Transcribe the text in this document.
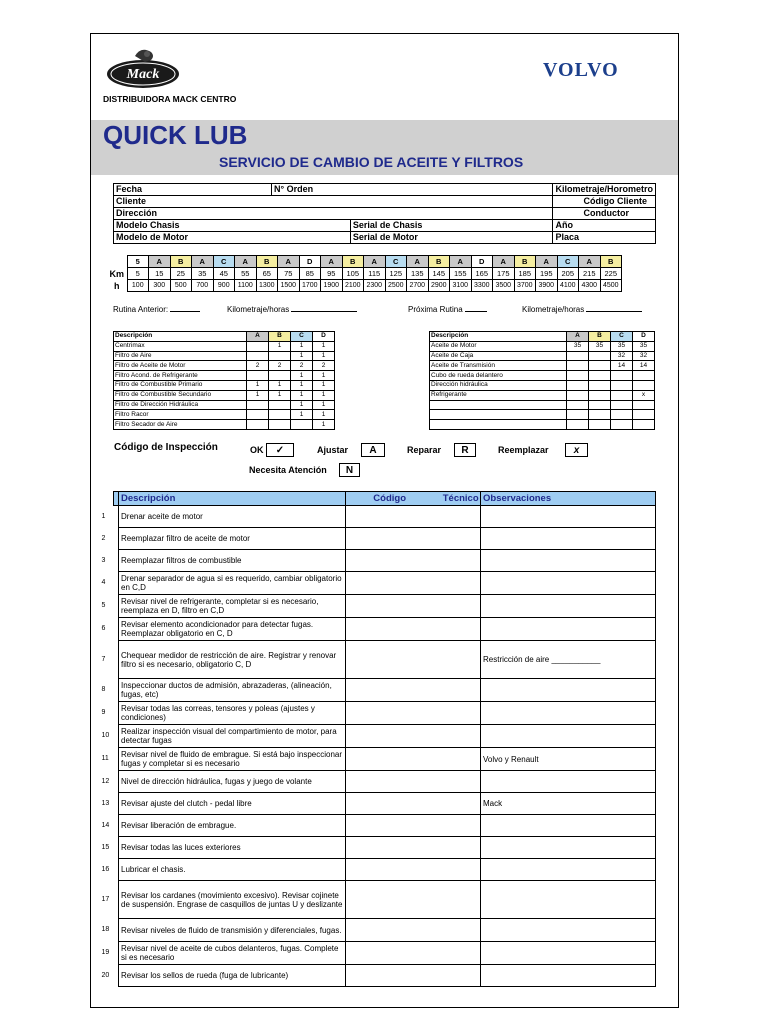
Mack
DISTRIBUIDORA MACK CENTRO
VOLVO
QUICK LUB
SERVICIO DE CAMBIO DE ACEITE Y FILTROS
Fecha	N° Orden		Kilometraje/Horometro
Cliente			Código Cliente
Dirección			Conductor
Modelo Chasis		Serial de Chasis	Año
Modelo de Motor		Serial de Motor	Placa
	5	A	B	A	C	A	B	A	D	A	B	A	C	A	B	A	D	A	B	A	C	A	B
Km	5	15	25	35	45	55	65	75	85	95	105	115	125	135	145	155	165	175	185	195	205	215	225
h	100	300	500	700	900	1100	1300	1500	1700	1900	2100	2300	2500	2700	2900	3100	3300	3500	3700	3900	4100	4300	4500
Rutina Anterior:	Kilometraje/horas	Próxima Rutina	Kilometraje/horas
Descripción	A	B	C	D
Centrimax		1	1	1
Filtro de Aire			1	1
Filtro de Aceite de Motor	2	2	2	2
Filtro Acond. de Refrigerante			1	1
Filtro de Combustible Primario	1	1	1	1
Filtro de Combustible Secundario	1	1	1	1
Filtro de Dirección Hidráulica			1	1
Filtro Racor			1	1
Filtro Secador de Aire				1
Descripción	A	B	C	D
Aceite de Motor	35	35	35	35
Aceite de Caja			32	32
Aceite de Transmisión			14	14
Cubo de rueda delantero				
Dirección hidráulica				
Refrigerante				x

Código de Inspección	OK	✓	Ajustar	A	Reparar	R	Reemplazar	x
Necesita Atención	N
	Descripción	Código Técnico	Observaciones

1	Drenar aceite de motor		

2	Reemplazar filtro de aceite de motor		

3	Reemplazar filtros de combustible		

4	Drenar separador de agua si es requerido, cambiar obligatorio en C,D		

5	Revisar nivel de refrigerante, completar si es necesario, reemplaza en D, filtro en C,D		

6	Revisar elemento acondicionador para detectar fugas. Reemplazar obligatorio en C, D		

7	Chequear medidor de restricción de aire. Registrar y renovar filtro si es necesario, obligatorio C, D		Restricción de aire ___________

8	Inspeccionar ductos de admisión, abrazaderas, (alineación, fugas, etc)		

9	Revisar todas las correas, tensores y poleas (ajustes y condiciones)		

10	Realizar inspección visual del compartimiento de motor, para detectar fugas		

11	Revisar nivel de fluido de embrague. Si está bajo inspeccionar fugas y completar si es necesario		Volvo y Renault

12	Nivel de dirección hidráulica, fugas y juego de volante		

13	Revisar ajuste del clutch - pedal libre		Mack

14	Revisar liberación de embrague.		

15	Revisar todas las luces exteriores		

16	Lubricar el chasis.		

17	Revisar los cardanes (movimiento excesivo). Revisar cojinete de suspensión. Engrase de casquillos de juntas U y deslizante		

18	Revisar niveles de fluido de transmisión y diferenciales, fugas.		

19	Revisar nivel de aceite de cubos delanteros, fugas. Complete si es necesario		

20	Revisar los sellos de rueda (fuga de lubricante)		
